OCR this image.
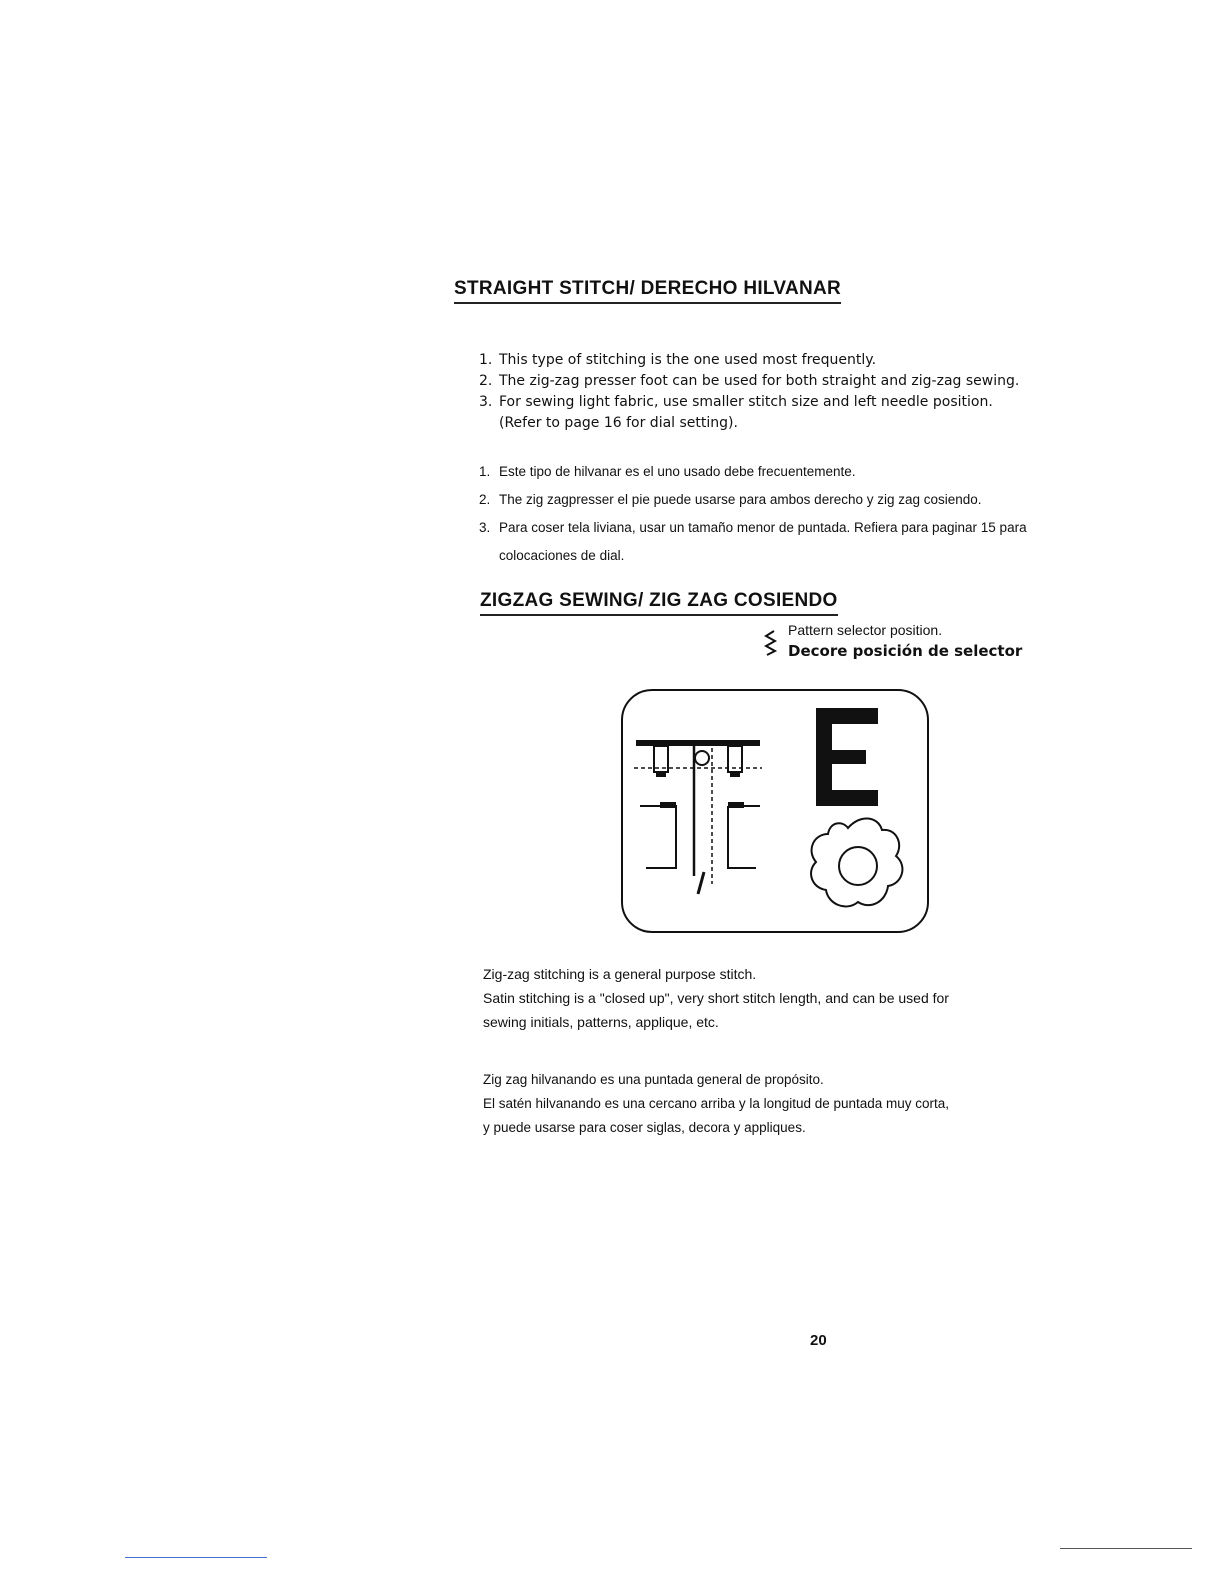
STRAIGHT STITCH/ DERECHO HILVANAR
1. This type of stitching is the one used most frequently.
2. The zig-zag presser foot can be used for both straight and zig-zag sewing.
3. For sewing light fabric, use smaller stitch size and left needle position.
(Refer to page 16 for dial setting).
1. Este tipo de hilvanar es el uno usado debe frecuentemente.
2. The zig zagpresser el pie puede usarse para ambos derecho y zig zag cosiendo.
3. Para coser tela liviana, usar un tamaño menor de puntada. Refiera para paginar 15 para
colocaciones de dial.
ZIGZAG SEWING/ ZIG ZAG COSIENDO
Pattern selector position.
Decore posición de selector
Zig-zag stitching is a general purpose stitch.
Satin stitching is a "closed up", very short stitch length, and can be used for
sewing initials, patterns, applique, etc.
Zig zag hilvanando es una puntada general de propósito.
El satén hilvanando es una cercano arriba y la longitud de puntada muy corta,
y puede usarse para coser siglas, decora y appliques.
20
